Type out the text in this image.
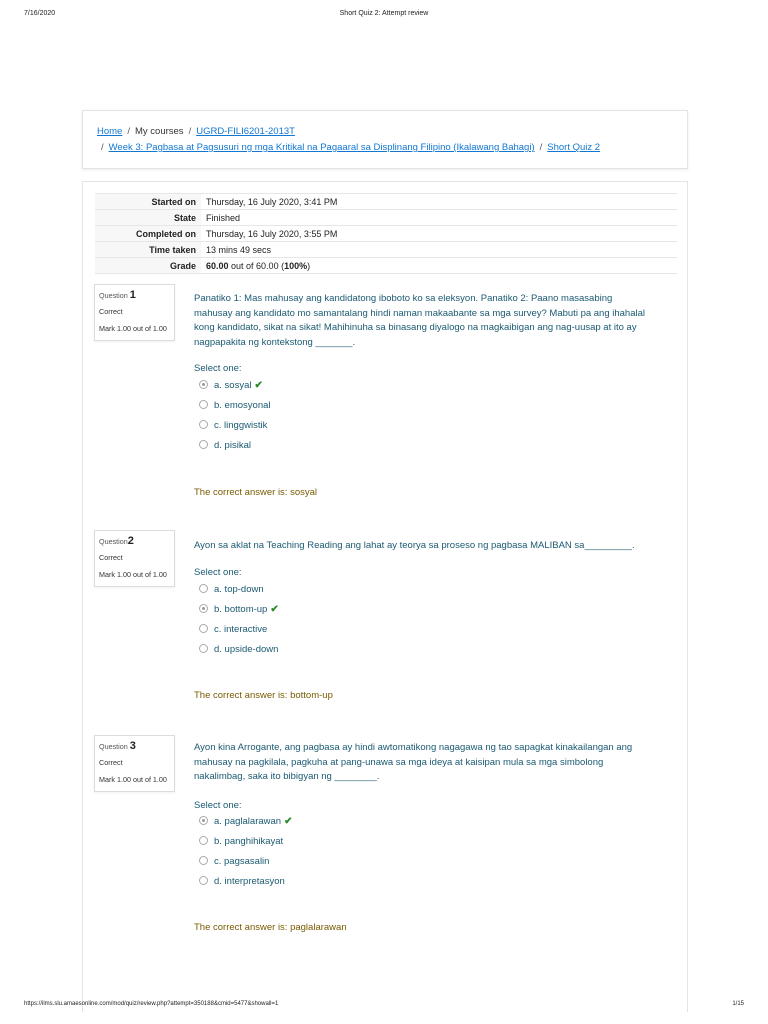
7/16/2020	Short Quiz 2: Attempt review
Home / My courses / UGRD-FILI6201-2013T
/ Week 3: Pagbasa at Pagsusuri ng mga Kritikal na Pagaaral sa Displinang Filipino (Ikalawang Bahagi) / Short Quiz 2
Started on	Thursday, 16 July 2020, 3:41 PM
State	Finished
Completed on	Thursday, 16 July 2020, 3:55 PM
Time taken	13 mins 49 secs
Grade	60.00 out of 60.00 (100%)
Question 1
Correct
Mark 1.00 out of 1.00
Panatiko 1: Mas mahusay ang kandidatong iboboto ko sa eleksyon. Panatiko 2: Paano masasabing mahusay ang kandidato mo samantalang hindi naman makaabante sa mga survey? Mabuti pa ang ihahalal kong kandidato, sikat na sikat! Mahihinuha sa binasang diyalogo na magkaibigan ang nag-uusap at ito ay nagpapakita ng kontekstong _______.
Select one:
a. sosyal ✔
b. emosyonal
c. linggwistik
d. pisikal
The correct answer is: sosyal
Question2
Correct
Mark 1.00 out of 1.00
Ayon sa aklat na Teaching Reading ang lahat ay teorya sa proseso ng pagbasa MALIBAN sa_________.
Select one:
a. top-down
b. bottom-up ✔
c. interactive
d. upside-down
The correct answer is: bottom-up
Question 3
Correct
Mark 1.00 out of 1.00
Ayon kina Arrogante, ang pagbasa ay hindi awtomatikong nagagawa ng tao sapagkat kinakailangan ang mahusay na pagkilala, pagkuha at pang-unawa sa mga ideya at kaisipan mula sa mga simbolong nakalimbag, saka ito bibigyan ng ________.
Select one:
a. paglalarawan ✔
b. panghihikayat
c. pagsasalin
d. interpretasyon
The correct answer is: paglalarawan
https://ilms.slu.amaesonline.com/mod/quiz/review.php?attempt=350188&cmid=5477&showall=1	1/15
